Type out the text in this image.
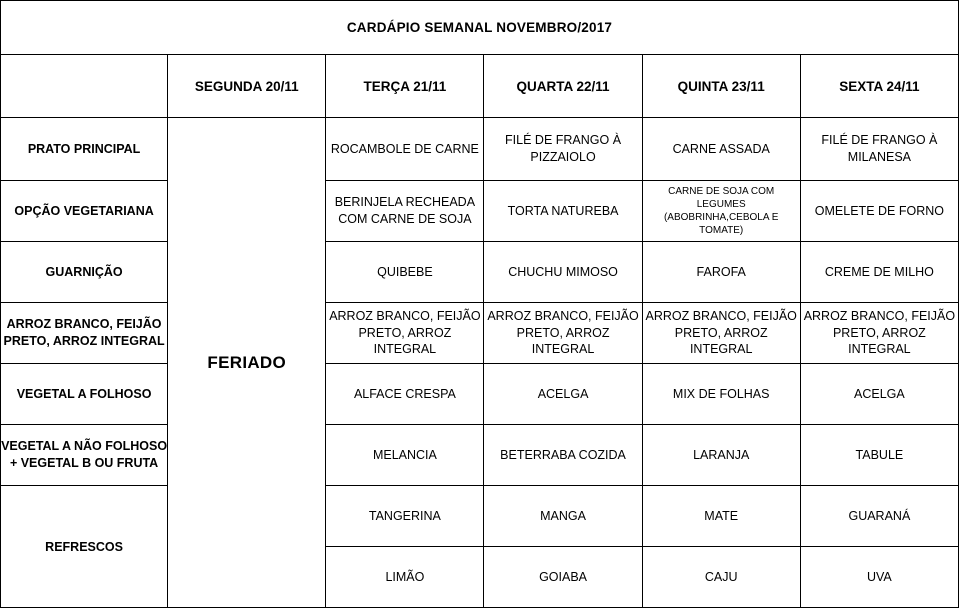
CARDÁPIO SEMANAL NOVEMBRO/2017					
	SEGUNDA 20/11	TERÇA 21/11	QUARTA 22/11	QUINTA 23/11	SEXTA 24/11
PRATO PRINCIPAL	FERIADO	ROCAMBOLE DE CARNE	FILÉ DE FRANGO À PIZZAIOLO	CARNE ASSADA	FILÉ DE FRANGO À MILANESA
OPÇÃO VEGETARIANA		BERINJELA RECHEADA COM CARNE DE SOJA	TORTA NATUREBA	CARNE DE SOJA COM LEGUMES (ABOBRINHA,CEBOLA E TOMATE)	OMELETE DE FORNO
GUARNIÇÃO		QUIBEBE	CHUCHU MIMOSO	FAROFA	CREME DE MILHO
ARROZ BRANCO, FEIJÃO PRETO, ARROZ INTEGRAL		ARROZ BRANCO, FEIJÃO PRETO, ARROZ INTEGRAL	ARROZ BRANCO, FEIJÃO PRETO, ARROZ INTEGRAL	ARROZ BRANCO, FEIJÃO PRETO, ARROZ INTEGRAL	ARROZ BRANCO, FEIJÃO PRETO, ARROZ INTEGRAL
VEGETAL A FOLHOSO		ALFACE CRESPA	ACELGA	MIX DE FOLHAS	ACELGA
VEGETAL A NÃO FOLHOSO + VEGETAL B OU FRUTA		MELANCIA	BETERRABA COZIDA	LARANJA	TABULE
REFRESCOS		TANGERINA	MANGA	MATE	GUARANÁ
		LIMÃO	GOIABA	CAJU	UVA
